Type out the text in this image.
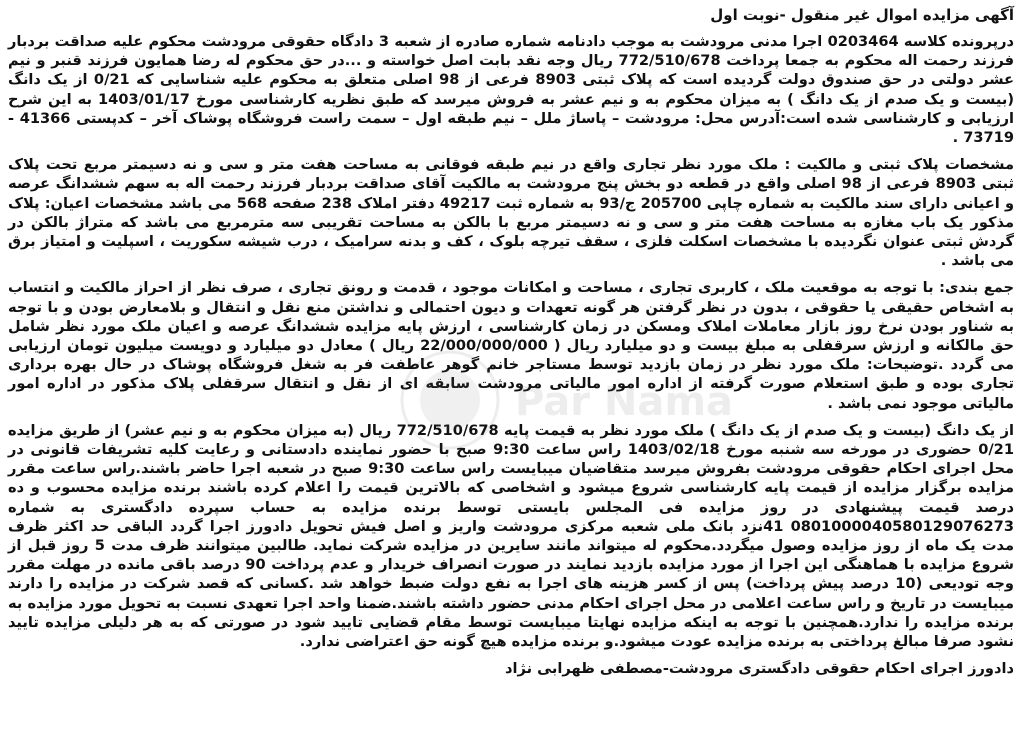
آگهی مزایده اموال غیر منقول -نوبت اول

درپرونده کلاسه 0203464 اجرا مدنی مرودشت به موجب دادنامه شماره صادره از شعبه 3 دادگاه حقوقی مرودشت محکوم علیه صداقت بردبار فرزند رحمت اله محکوم به جمعا پرداخت 772/510/678 ریال وجه نقد بابت اصل خواسته و ...در حق محکوم له رضا همایون فرزند قنبر و نیم عشر دولتی در حق صندوق دولت گردیده است که پلاک ثبتی 8903 فرعی از 98 اصلی متعلق به محکوم علیه شناسایی که 0/21 از یک دانگ (بیست و یک صدم از یک دانگ ) به میزان محکوم به و نیم عشر به فروش میرسد که طبق نظریه کارشناسی مورخ 1403/01/17 به این شرح ارزیابی و کارشناسی شده است:آدرس محل: مرودشت – پاساژ ملل – نیم طبقه اول – سمت راست فروشگاه پوشاک آخر – کدپستی 41366 - 73719 .

مشخصات پلاک ثبتی و مالکیت : ملک مورد نظر تجاری واقع در نیم طبقه فوقانی به مساحت هفت متر و سی و نه دسیمتر مربع تحت پلاک ثبتی 8903 فرعی از 98 اصلی واقع در قطعه دو بخش پنج مرودشت به مالکیت آقای صداقت بردبار فرزند رحمت اله به سهم ششدانگ عرصه و اعیانی دارای سند مالکیت به شماره چاپی 205700 ج/93 به شماره ثبت 49217 دفتر املاک 238 صفحه 568 می باشد مشخصات اعیان: پلاک مذکور یک باب مغازه به مساحت هفت متر و سی و نه دسیمتر مربع با بالکن به مساحت تقریبی سه مترمربع می باشد که متراژ بالکن در گردش ثبتی عنوان نگردیده با مشخصات اسکلت فلزی ، سقف تیرچه بلوک ، کف و بدنه سرامیک ، درب شیشه سکوریت ، اسپلیت و امتیاز برق می باشد .

جمع بندی: با توجه به موقعیت ملک ، کاربری تجاری ، مساحت و امکانات موجود ، قدمت و رونق تجاری ، صرف نظر از احراز مالکیت و انتساب به اشخاص حقیقی یا حقوقی ، بدون در نظر گرفتن هر گونه تعهدات و دیون احتمالی و نداشتن منع نقل و انتقال و بلامعارض بودن و با توجه به شناور بودن نرخ روز بازار معاملات املاک ومسکن در زمان کارشناسی ، ارزش پایه مزایده ششدانگ عرصه و اعیان ملک مورد نظر شامل حق مالکانه و ارزش سرقفلی به مبلغ بیست و دو میلیارد ریال ( 22/000/000/000 ریال ) معادل دو میلیارد و دویست میلیون تومان ارزیابی می گردد .توضیحات: ملک مورد نظر در زمان بازدید توسط مستاجر خانم گوهر عاطفت فر به شغل فروشگاه پوشاک در حال بهره برداری تجاری بوده و طبق استعلام صورت گرفته از اداره امور مالیاتی مرودشت سابقه ای از نقل و انتقال سرقفلی پلاک مذکور در اداره امور مالیاتی موجود نمی باشد .

از یک دانگ (بیست و یک صدم از یک دانگ ) ملک مورد نظر به قیمت پایه 772/510/678 ریال (به میزان محکوم به و نیم عشر) از طریق مزایده 0/21 حضوری در مورخه سه شنبه مورخ 1403/02/18 راس ساعت 9:30 صبح با حضور نماینده دادستانی و رعایت کلیه تشریفات قانونی در محل اجرای احکام حقوقی مرودشت بفروش میرسد متقاضیان میبایست راس ساعت 9:30 صبح در شعبه اجرا حاضر باشند.راس ساعت مقرر مزایده برگزار مزایده از قیمت پایه کارشناسی شروع میشود و اشخاصی که بالاترین قیمت را اعلام کرده باشند برنده مزایده محسوب و ده درصد قیمت پیشنهادی در روز مزایده فی المجلس بایستی توسط برنده مزایده به حساب سپرده دادگستری به شماره 0801000040580129076273 41نزد بانک ملی شعبه مرکزی مرودشت واریز و اصل فیش تحویل دادورز اجرا گردد الباقی حد اکثر ظرف مدت یک ماه از روز مزایده وصول میگردد.محکوم له میتواند مانند سایرین در مزایده شرکت نماید. طالبین میتوانند ظرف مدت 5 روز قبل از شروع مزایده با هماهنگی این اجرا از مورد مزایده بازدید نمایند در صورت انصراف خریدار و عدم پرداخت 90 درصد باقی مانده در مهلت مقرر وجه تودیعی (10 درصد پیش پرداخت) پس از کسر هزینه های اجرا به نفع دولت ضبط خواهد شد .کسانی که قصد شرکت در مزایده را دارند میبایست در تاریخ و راس ساعت اعلامی در محل اجرای احکام مدنی حضور داشته باشند.ضمنا واحد اجرا تعهدی نسبت به تحویل مورد مزایده به برنده مزایده را ندارد.همچنین با توجه به اینکه مزایده نهایتا میبایست توسط مقام قضایی تایید شود در صورتی که به هر دلیلی مزایده تایید نشود صرفا مبالغ پرداختی به برنده مزایده عودت میشود.و برنده مزایده هیچ گونه حق اعتراضی ندارد.

دادورز اجرای احکام حقوقی دادگستری مرودشت-مصطفی ظهرابی نژاد
Par Nama
